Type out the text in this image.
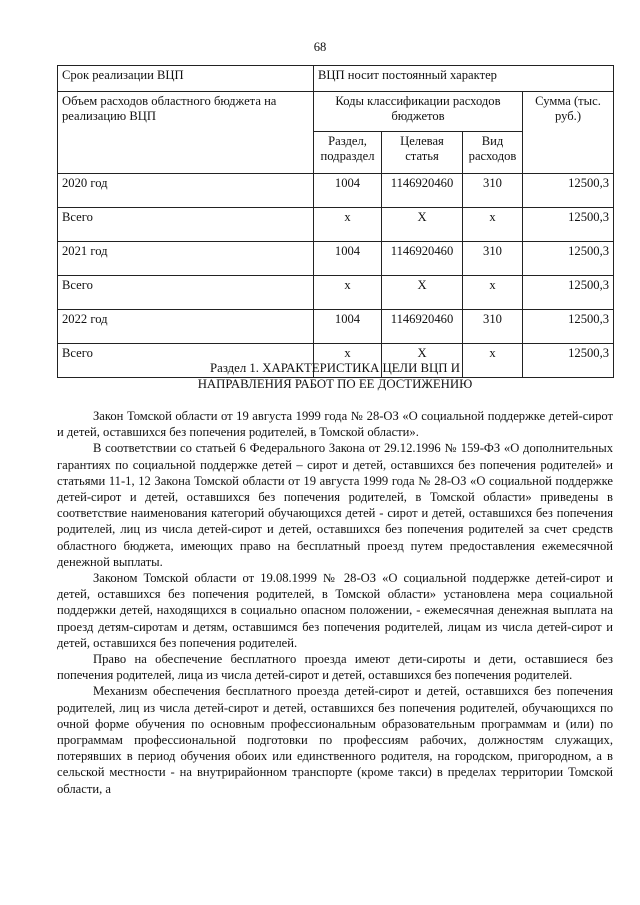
68
Срок реализации ВЦП	ВЦП носит постоянный характер			
Объем расходов областного бюджета на реализацию ВЦП	Коды классификации расходов бюджетов			Сумма (тыс. руб.)
	Раздел, подраздел	Целевая статья	Вид расходов	
2020 год	1004	1146920460	310	12500,3
Всего	x	X	x	12500,3
2021 год	1004	1146920460	310	12500,3
Всего	x	X	x	12500,3
2022 год	1004	1146920460	310	12500,3
Всего	x	X	x	12500,3
Раздел 1. ХАРАКТЕРИСТИКА ЦЕЛИ ВЦП И
НАПРАВЛЕНИЯ РАБОТ ПО ЕЕ ДОСТИЖЕНИЮ

Закон Томской области от 19 августа 1999 года № 28-ОЗ «О социальной поддержке детей-сирот и детей, оставшихся без попечения родителей, в Томской области».

В соответствии со статьей 6 Федерального Закона от 29.12.1996 № 159-ФЗ «О дополнительных гарантиях по социальной поддержке детей – сирот и детей, оставшихся без попечения родителей» и статьями 11-1, 12 Закона Томской области от 19 августа 1999 года № 28-ОЗ «О социальной поддержке детей-сирот и детей, оставшихся без попечения родителей, в Томской области» приведены в соответствие наименования категорий обучающихся детей - сирот и детей, оставшихся без попечения родителей, лиц из числа детей-сирот и детей, оставшихся без попечения родителей за счет средств областного бюджета, имеющих право на бесплатный проезд путем предоставления ежемесячной денежной выплаты.

Законом Томской области от 19.08.1999 № 28-ОЗ «О социальной поддержке детей-сирот и детей, оставшихся без попечения родителей, в Томской области» установлена мера социальной поддержки детей, находящихся в социально опасном положении, - ежемесячная денежная выплата на проезд детям-сиротам и детям, оставшимся без попечения родителей, лицам из числа детей-сирот и детей, оставшихся без попечения родителей.

Право на обеспечение бесплатного проезда имеют дети-сироты и дети, оставшиеся без попечения родителей, лица из числа детей-сирот и детей, оставшихся без попечения родителей.

Механизм обеспечения бесплатного проезда детей-сирот и детей, оставшихся без попечения родителей, лиц из числа детей-сирот и детей, оставшихся без попечения родителей, обучающихся по очной форме обучения по основным профессиональным образовательным программам и (или) по программам профессиональной подготовки по профессиям рабочих, должностям служащих, потерявших в период обучения обоих или единственного родителя, на городском, пригородном, а в сельской местности - на внутрирайонном транспорте (кроме такси) в пределах территории Томской области, а
